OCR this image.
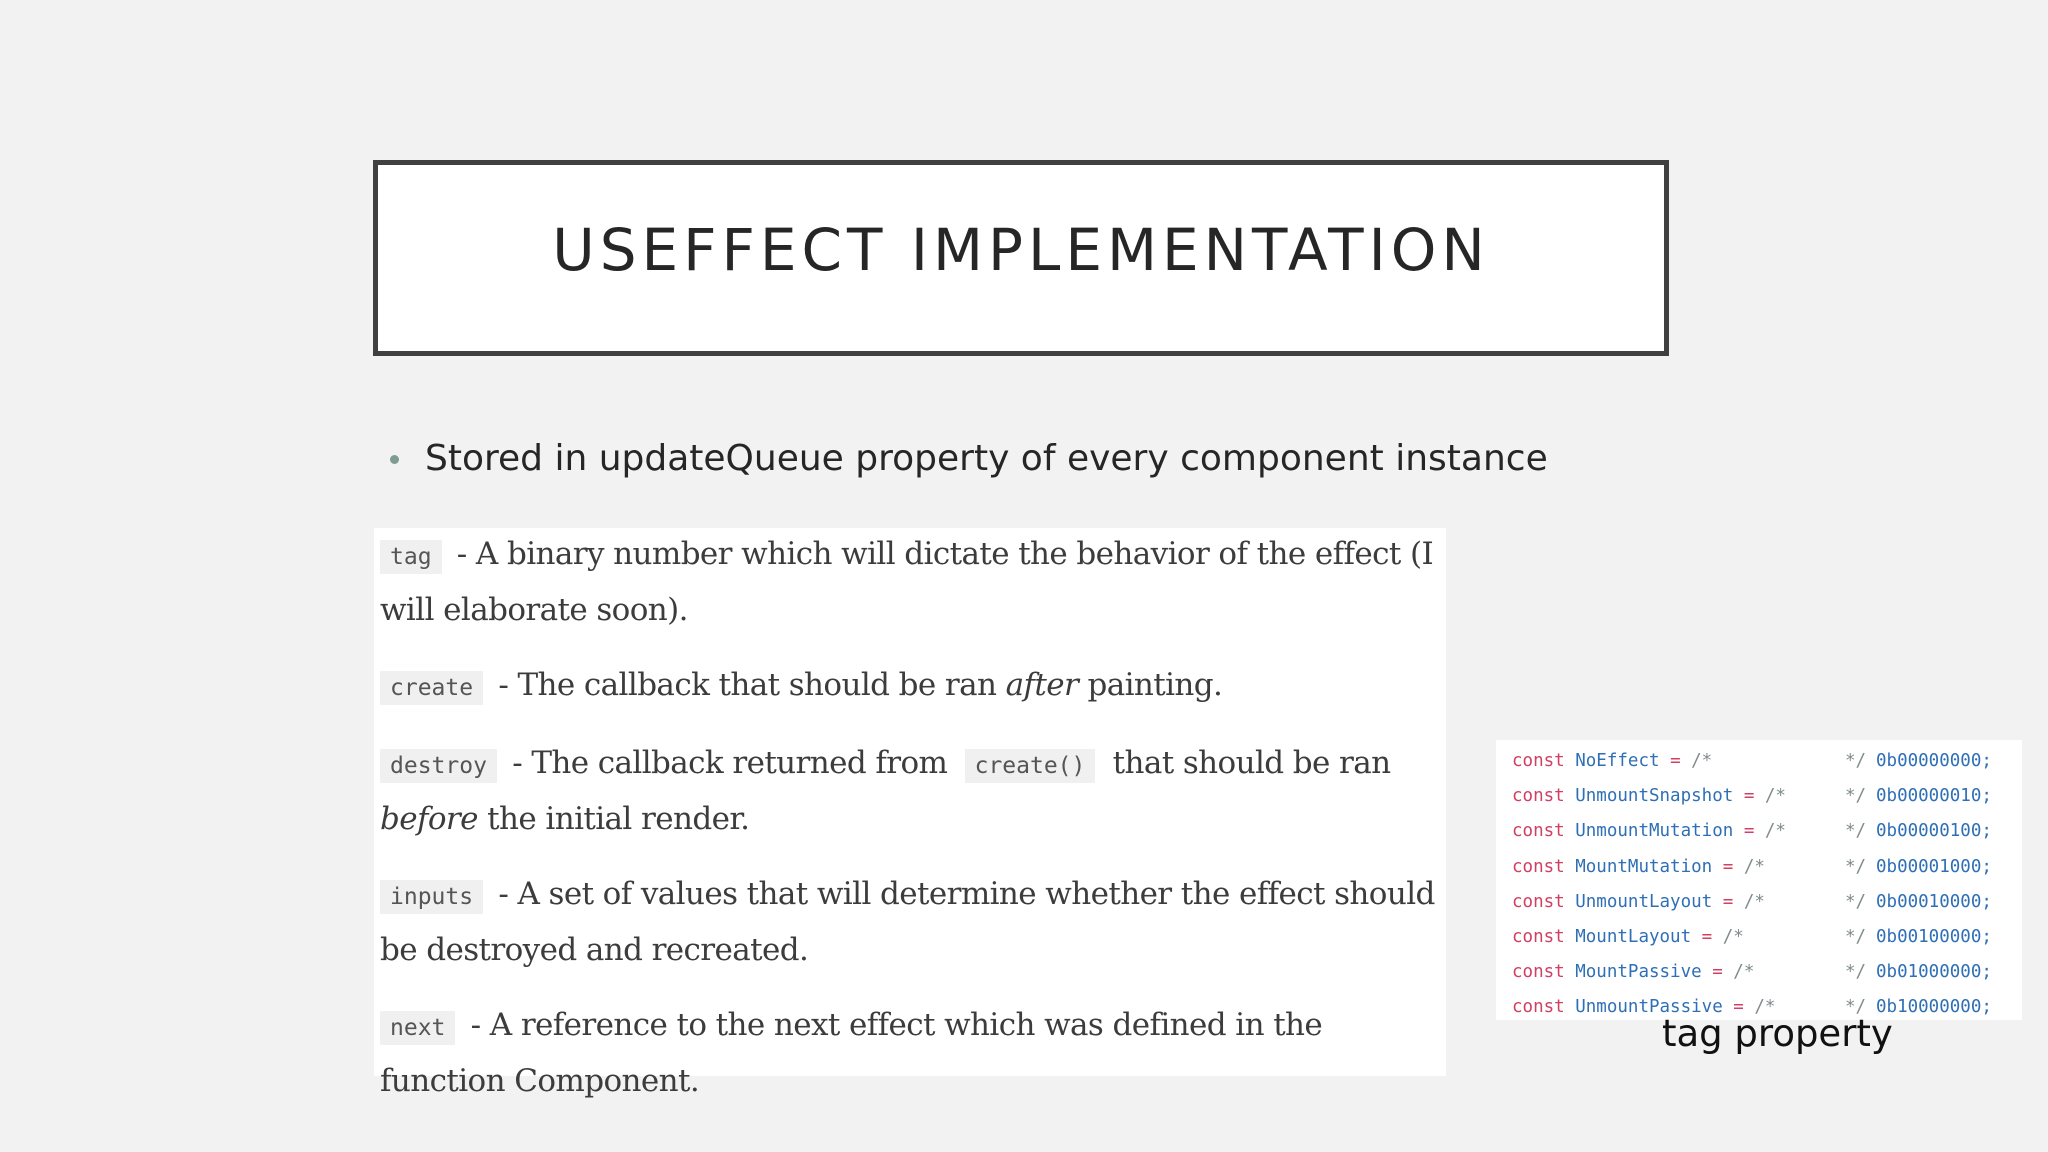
USEFFECT IMPLEMENTATION
Stored in updateQueue property of every component instance

tag - A binary number which will dictate the behavior of the effect (I will elaborate soon).

create - The callback that should be ran after painting.

destroy - The callback returned from create() that should be ran before the initial render.

inputs - A set of values that will determine whether the effect should be destroyed and recreated.

next - A reference to the next effect which was defined in the function Component.

const NoEffect = /*	*/ 0b00000000;
const UnmountSnapshot = /*	*/ 0b00000010;
const UnmountMutation = /*	*/ 0b00000100;
const MountMutation = /*	*/ 0b00001000;
const UnmountLayout = /*	*/ 0b00010000;
const MountLayout = /*	*/ 0b00100000;
const MountPassive = /*	*/ 0b01000000;
const UnmountPassive = /*	*/ 0b10000000;
tag property
